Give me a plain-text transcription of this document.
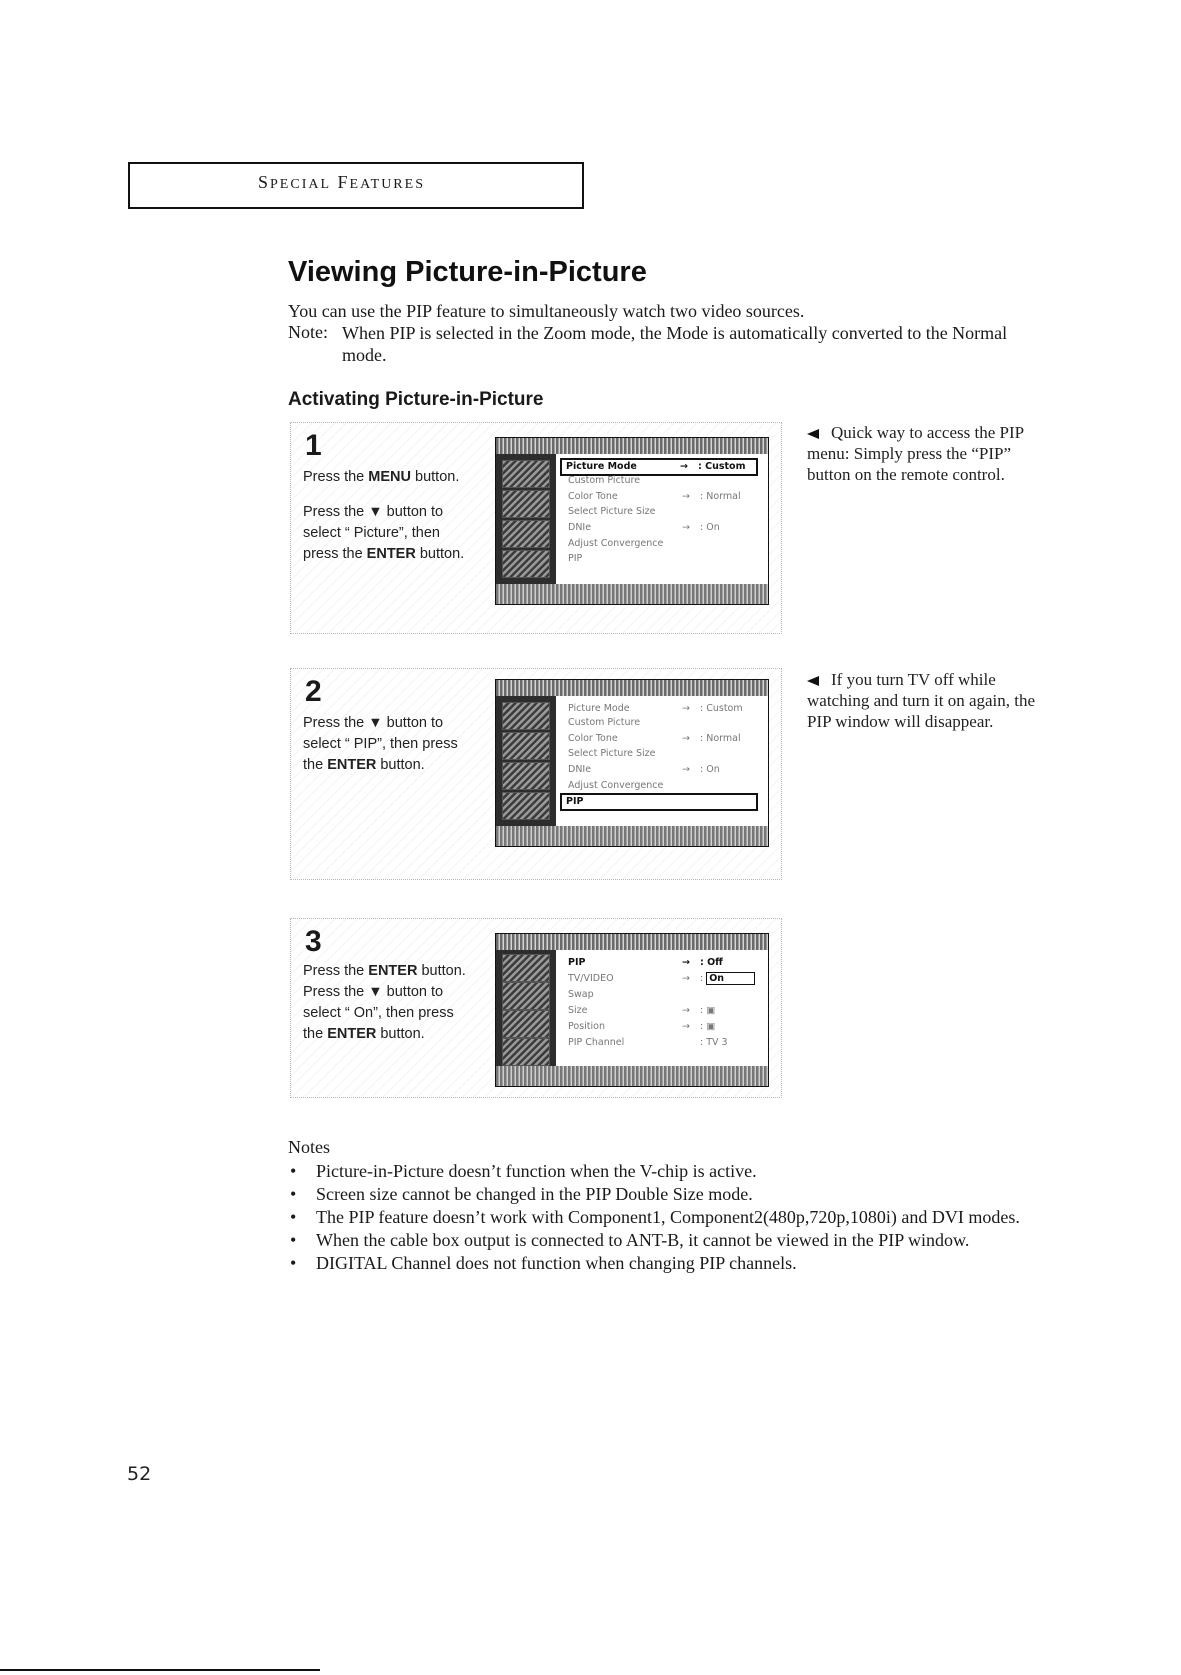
SPECIAL FEATURES
Viewing Picture-in-Picture
You can use the PIP feature to simultaneously watch two video sources.
Note: When PIP is selected in the Zoom mode, the Mode is automatically converted to the Normal mode.
Activating Picture-in-Picture
1
Press the MENU button.
Press the ▼ button to
select “ Picture”, then
press the ENTER button.
Picture Mode	→ : Custom
Custom Picture
Color Tone	→ : Normal
Select Picture Size
DNIe	→ : On
Adjust Convergence
PIP
2
Press the ▼ button to
select “ PIP”, then press
the ENTER button.
Picture Mode	→ : Custom
Custom Picture
Color Tone	→ : Normal
Select Picture Size
DNIe	→ : On
Adjust Convergence
PIP
3
Press the ENTER button.
Press the ▼ button to
select “ On”, then press
the ENTER button.
PIP	→ : Off
TV/VIDEO	→ : On
Swap
Size	→ : ▣
Position	→ : ▣
PIP Channel	: TV 3
Quick way to access the PIP menu: Simply press the “PIP” button on the remote control.
If you turn TV off while watching and turn it on again, the PIP window will disappear.
Notes
• Picture-in-Picture doesn’t function when the V-chip is active.
• Screen size cannot be changed in the PIP Double Size mode.
• The PIP feature doesn’t work with Component1, Component2(480p,720p,1080i) and DVI modes.
• When the cable box output is connected to ANT-B, it cannot be viewed in the PIP window.
• DIGITAL Channel does not function when changing PIP channels.
52
